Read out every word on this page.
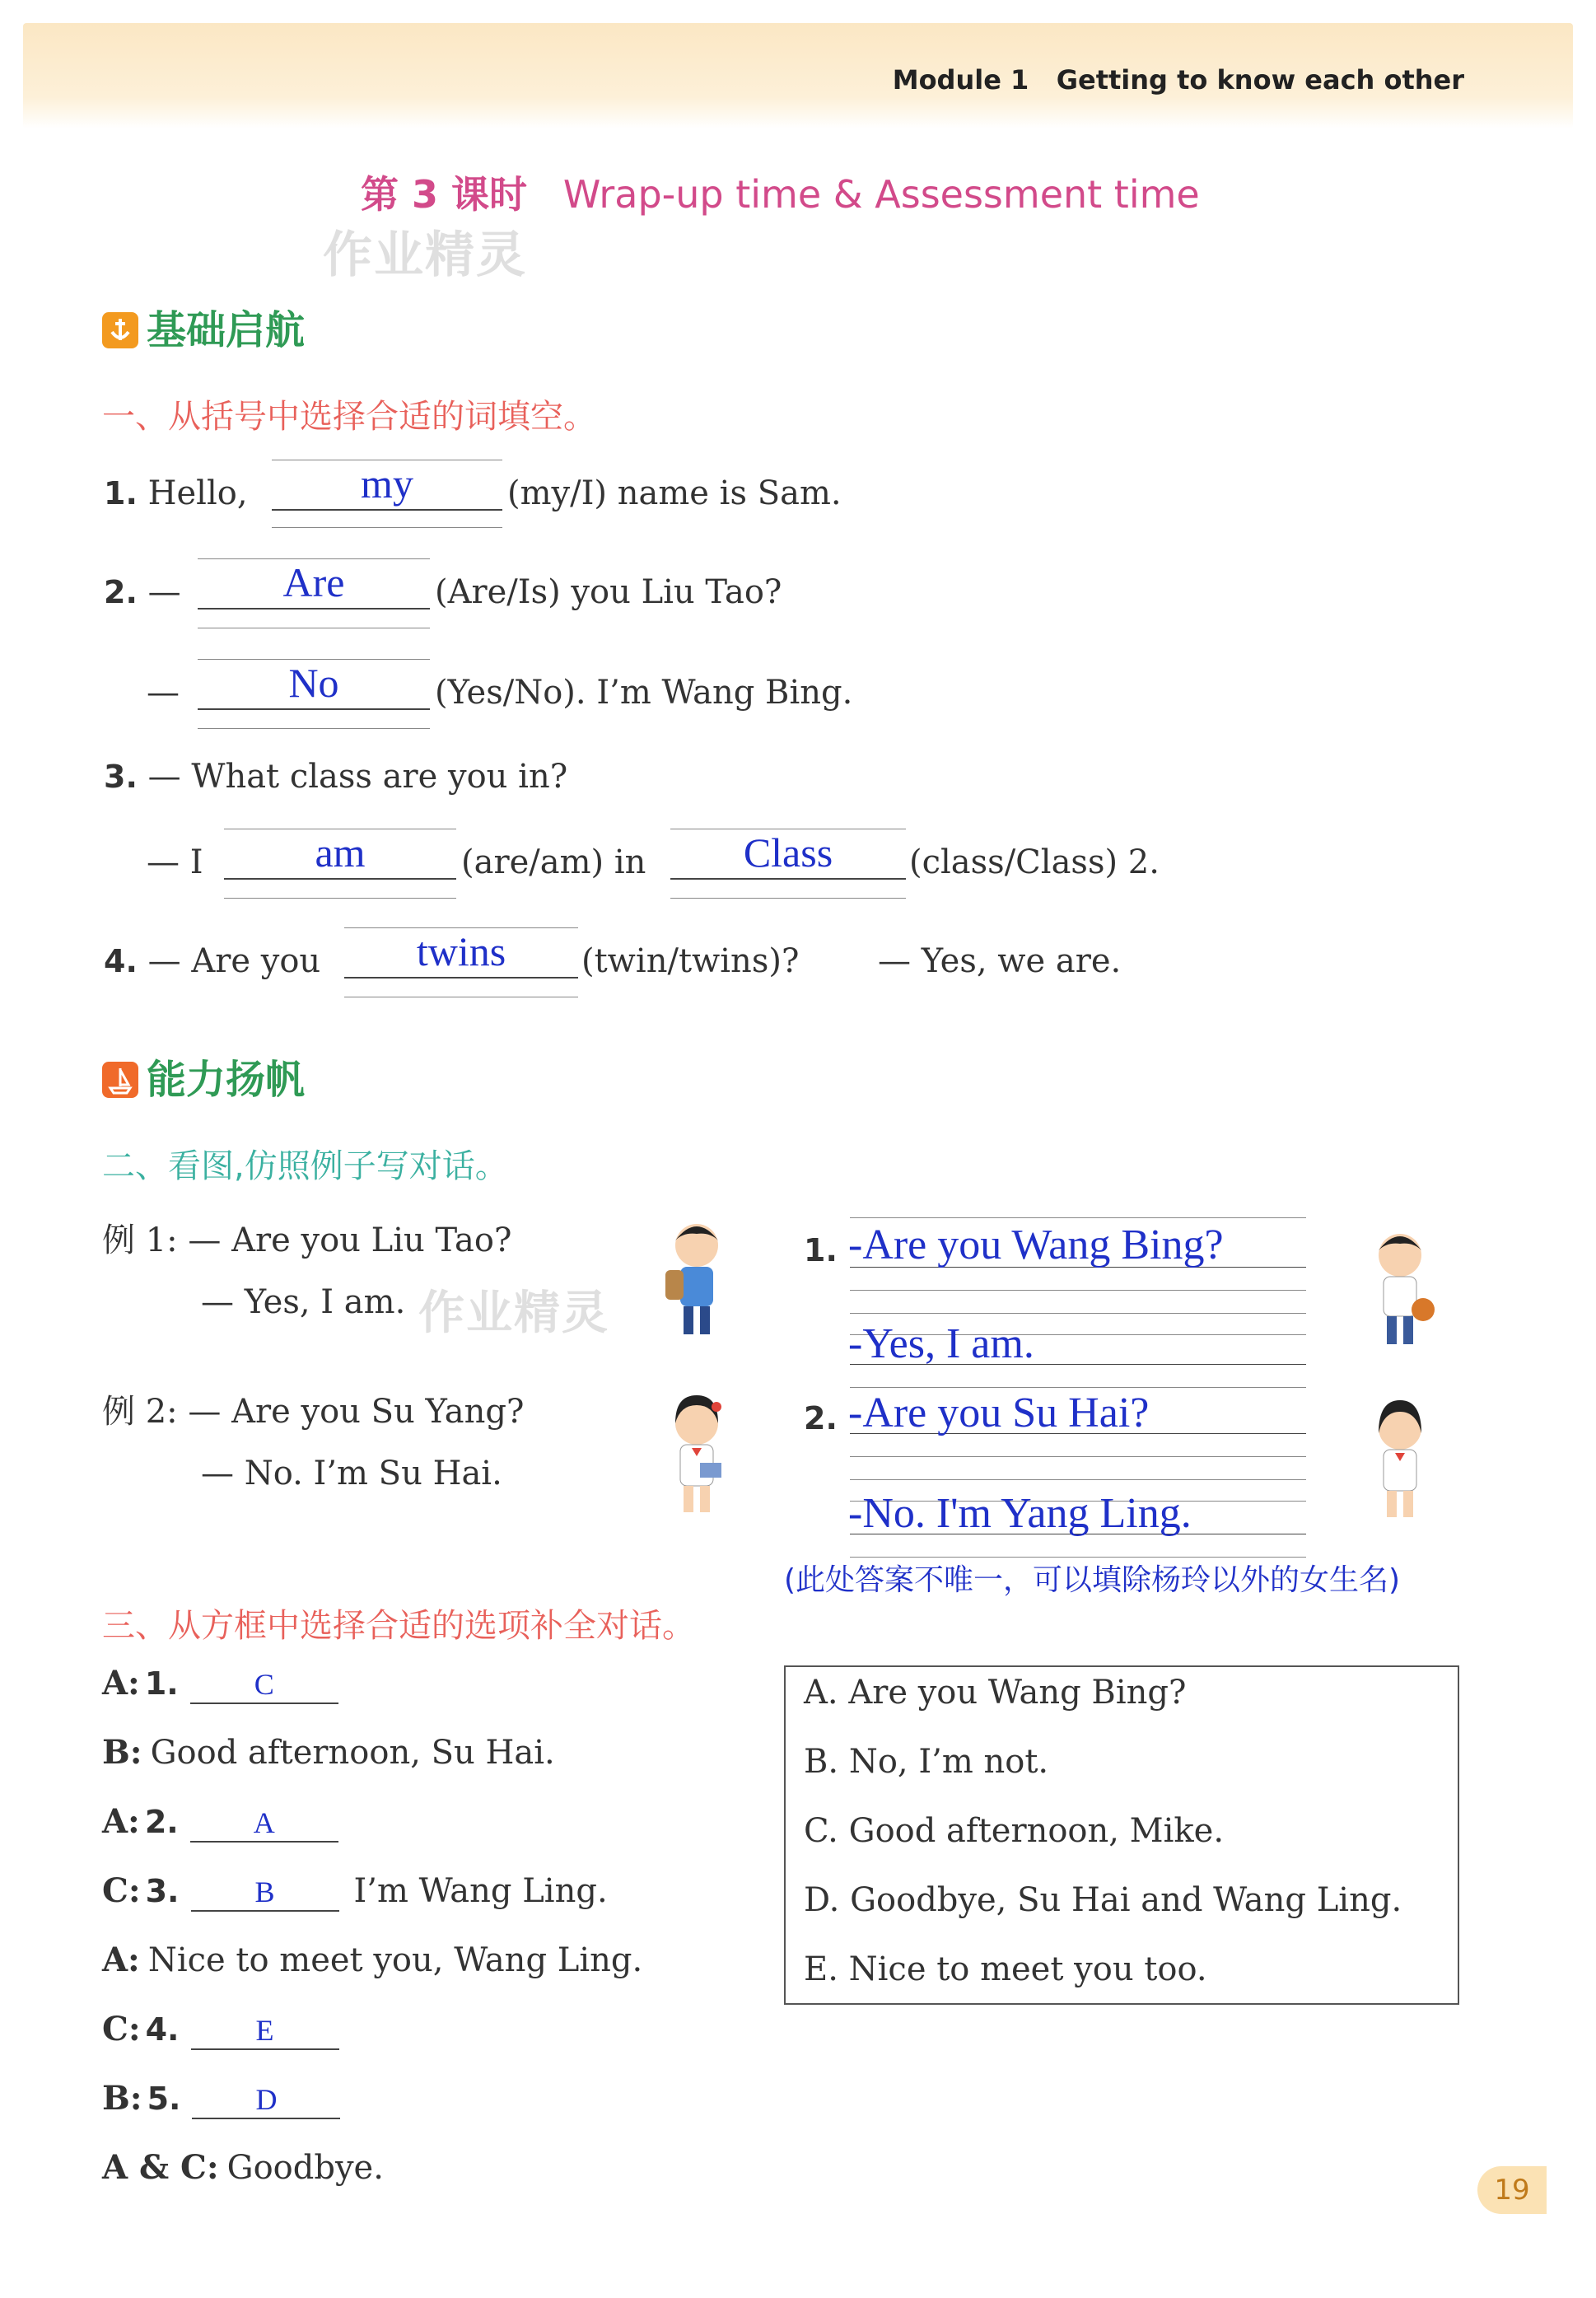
Module 1 Getting to know each other
第 3 课时 Wrap-up time & Assessment time
作业精灵
基础启航
一、从括号中选择合适的词填空。
1. Hello,	my	(my/I) name is Sam.
2. —	Are	(Are/Is) you Liu Tao?
—	No	(Yes/No). I’m Wang Bing.
3. — What class are you in?
— I	am	(are/am) in	Class	(class/Class) 2.
4. — Are you	twins	(twin/twins)? — Yes, we are.
能力扬帆
二、看图,仿照例子写对话。
例 1: — Are you Liu Tao?
— Yes, I am. 作业精灵
例 2: — Are you Su Yang?
— No. I’m Su Hai.
1. -Are you Wang Bing?
-Yes, I am.
2. -Are you Su Hai?
-No. I'm Yang Ling.
(此处答案不唯一，可以填除杨玲以外的女生名)
三、从方框中选择合适的选项补全对话。
A: 1.	C
B: Good afternoon, Su Hai.
A: 2.	A
C: 3.	B I’m Wang Ling.
A: Nice to meet you, Wang Ling.
C: 4.	E
B: 5.	D
A & C: Goodbye.
A. Are you Wang Bing?
B. No, I’m not.
C. Good afternoon, Mike.
D. Goodbye, Su Hai and Wang Ling.
E. Nice to meet you too.
19
